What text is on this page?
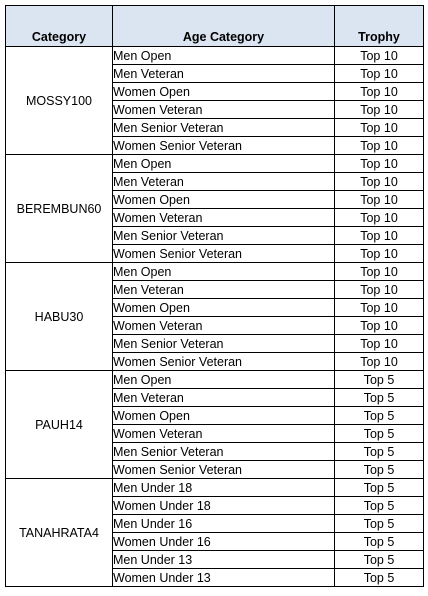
Category	Age Category	Trophy
MOSSY100	Men Open	Top 10
	Men Veteran	Top 10
	Women Open	Top 10
	Women Veteran	Top 10
	Men Senior Veteran	Top 10
	Women Senior Veteran	Top 10
BEREMBUN60	Men Open	Top 10
	Men Veteran	Top 10
	Women Open	Top 10
	Women Veteran	Top 10
	Men Senior Veteran	Top 10
	Women Senior Veteran	Top 10
HABU30	Men Open	Top 10
	Men Veteran	Top 10
	Women Open	Top 10
	Women Veteran	Top 10
	Men Senior Veteran	Top 10
	Women Senior Veteran	Top 10
PAUH14	Men Open	Top 5
	Men Veteran	Top 5
	Women Open	Top 5
	Women Veteran	Top 5
	Men Senior Veteran	Top 5
	Women Senior Veteran	Top 5
TANAHRATA4	Men Under 18	Top 5
	Women Under 18	Top 5
	Men Under 16	Top 5
	Women Under 16	Top 5
	Men Under 13	Top 5
	Women Under 13	Top 5
